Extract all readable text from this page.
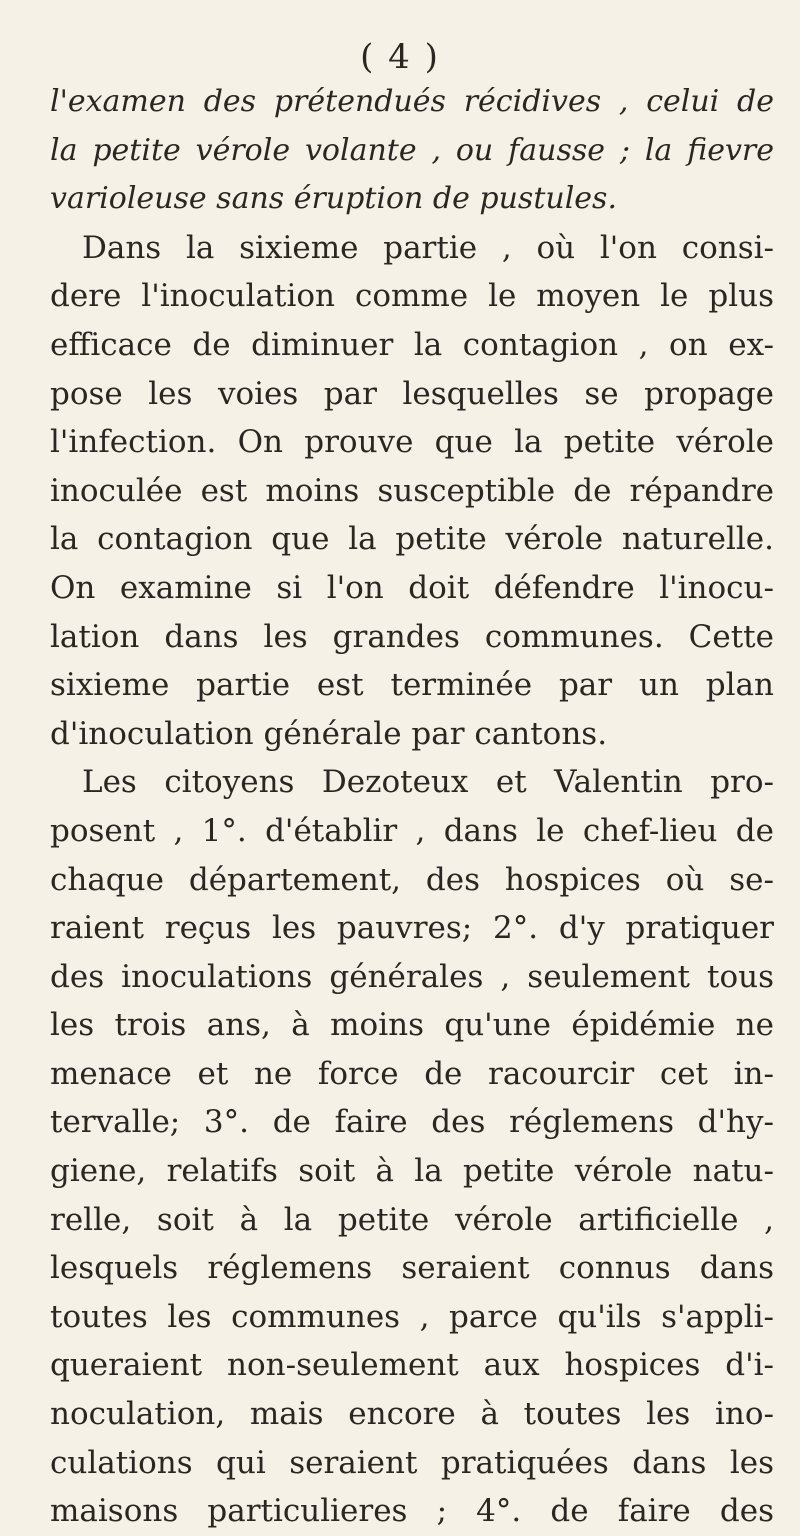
( 4 )
l'examen des prétendués récidives , celui de
la petite vérole volante , ou fausse ; la fievre
varioleuse sans éruption de pustules.
Dans la sixieme partie , où l'on consi-
dere l'inoculation comme le moyen le plus
efficace de diminuer la contagion , on ex-
pose les voies par lesquelles se propage
l'infection. On prouve que la petite vérole
inoculée est moins susceptible de répandre
la contagion que la petite vérole naturelle.
On examine si l'on doit défendre l'inocu-
lation dans les grandes communes. Cette
sixieme partie est terminée par un plan
d'inoculation générale par cantons.
Les citoyens Dezoteux et Valentin pro-
posent , 1°. d'établir , dans le chef-lieu de
chaque département, des hospices où se-
raient reçus les pauvres; 2°. d'y pratiquer
des inoculations générales , seulement tous
les trois ans, à moins qu'une épidémie ne
menace et ne force de racourcir cet in-
tervalle; 3°. de faire des réglemens d'hy-
giene, relatifs soit à la petite vérole natu-
relle, soit à la petite vérole artificielle ,
lesquels réglemens seraient connus dans
toutes les communes , parce qu'ils s'appli-
queraient non-seulement aux hospices d'i-
noculation, mais encore à toutes les ino-
culations qui seraient pratiquées dans les
maisons particulieres ; 4°. de faire des
